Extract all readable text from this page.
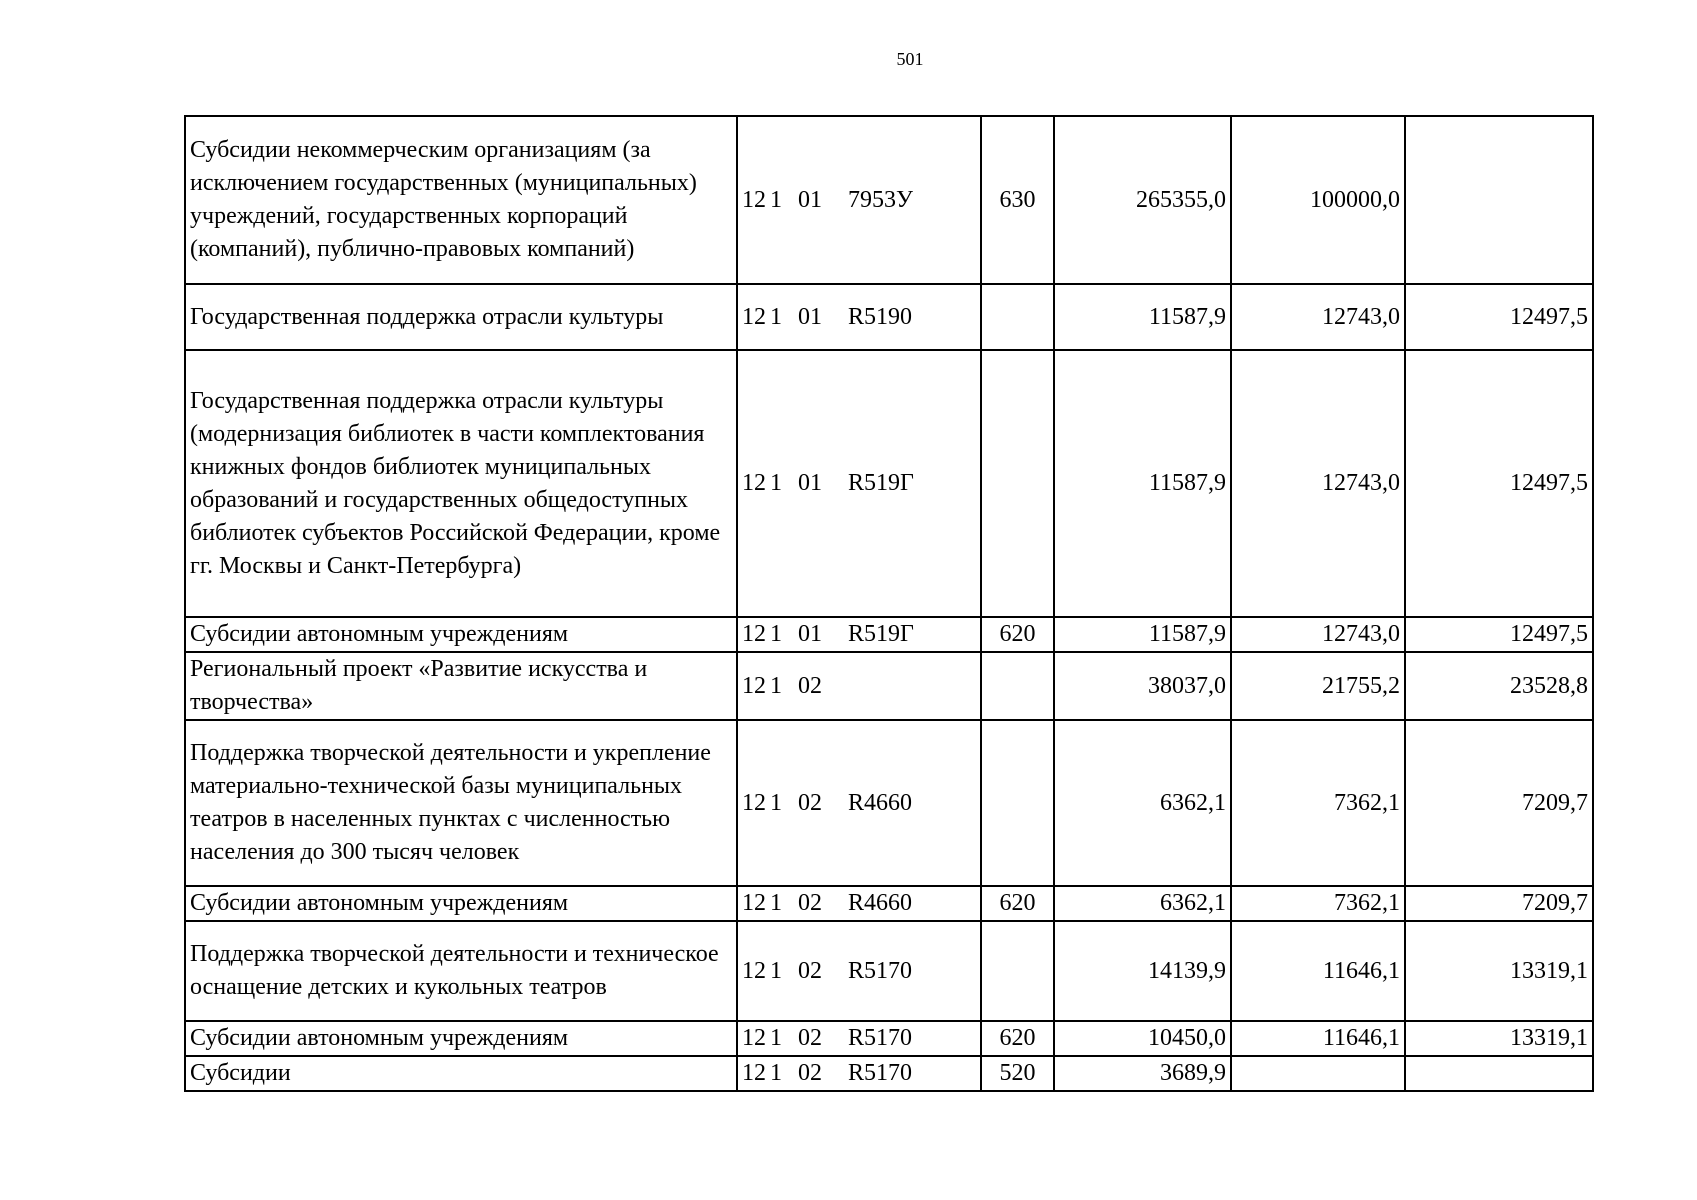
501
Субсидии некоммерческим организациям (за исключением государственных (муниципальных) учреждений, государственных корпораций (компаний), публично-правовых компаний)	12 1 01 7953У	630	265355,0	100000,0	
Государственная поддержка отрасли культуры	12 1 01 R5190		11587,9	12743,0	12497,5
Государственная поддержка отрасли культуры (модернизация библиотек в части комплектования книжных фондов библиотек муниципальных образований и государственных общедоступных библиотек субъектов Российской Федерации, кроме гг. Москвы и Санкт-Петербурга)	12 1 01 R519Г		11587,9	12743,0	12497,5
Субсидии автономным учреждениям	12 1 01 R519Г	620	11587,9	12743,0	12497,5
Региональный проект «Развитие искусства и творчества»	12 1 02		38037,0	21755,2	23528,8
Поддержка творческой деятельности и укрепление материально-технической базы муниципальных театров в населенных пунктах с численностью населения до 300 тысяч человек	12 1 02 R4660		6362,1	7362,1	7209,7
Субсидии автономным учреждениям	12 1 02 R4660	620	6362,1	7362,1	7209,7
Поддержка творческой деятельности и техническое оснащение детских и кукольных театров	12 1 02 R5170		14139,9	11646,1	13319,1
Субсидии автономным учреждениям	12 1 02 R5170	620	10450,0	11646,1	13319,1
Субсидии	12 1 02 R5170	520	3689,9		
